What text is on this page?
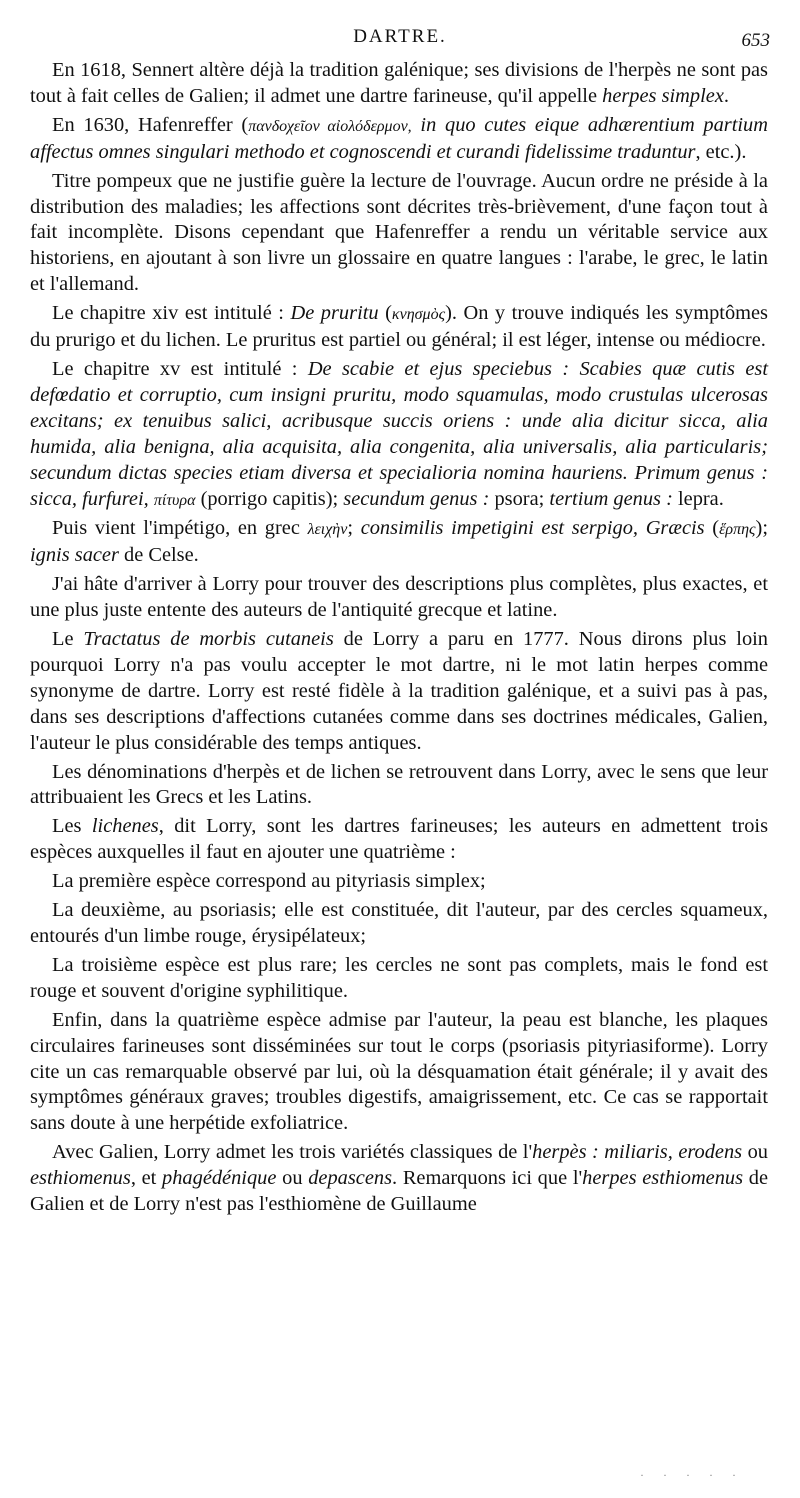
DARTRE.	653

En 1618, Sennert altère déjà la tradition galénique; ses divisions de l'herpès ne sont pas tout à fait celles de Galien; il admet une dartre farineuse, qu'il appelle herpes simplex.

En 1630, Hafenreffer (πανδοχεῖον αἰολόδερμον, in quo cutes eique adhærentium partium affectus omnes singulari methodo et cognoscendi et curandi fidelissime traduntur, etc.).

Titre pompeux que ne justifie guère la lecture de l'ouvrage. Aucun ordre ne préside à la distribution des maladies; les affections sont décrites très-brièvement, d'une façon tout à fait incomplète. Disons cependant que Hafenreffer a rendu un véritable service aux historiens, en ajoutant à son livre un glossaire en quatre langues : l'arabe, le grec, le latin et l'allemand.

Le chapitre xiv est intitulé : De pruritu (κνησμὸς). On y trouve indiqués les symptômes du prurigo et du lichen. Le pruritus est partiel ou général; il est léger, intense ou médiocre.

Le chapitre xv est intitulé : De scabie et ejus speciebus : Scabies quæ cutis est defœdatio et corruptio, cum insigni pruritu, modo squamulas, modo crustulas ulcerosas excitans; ex tenuibus salici, acribusque succis oriens : unde alia dicitur sicca, alia humida, alia benigna, alia acquisita, alia congenita, alia universalis, alia particularis; secundum dictas species etiam diversa et specialioria nomina hauriens. Primum genus : sicca, furfurei, πίτυρα (porrigo capitis); secundum genus : psora; tertium genus : lepra.

Puis vient l'impétigo, en grec λειχὴν; consimilis impetigini est serpigo, Græcis (ἕρπης); ignis sacer de Celse.

J'ai hâte d'arriver à Lorry pour trouver des descriptions plus complètes, plus exactes, et une plus juste entente des auteurs de l'antiquité grecque et latine.

Le Tractatus de morbis cutaneis de Lorry a paru en 1777. Nous dirons plus loin pourquoi Lorry n'a pas voulu accepter le mot dartre, ni le mot latin herpes comme synonyme de dartre. Lorry est resté fidèle à la tradition galénique, et a suivi pas à pas, dans ses descriptions d'affections cutanées comme dans ses doctrines médicales, Galien, l'auteur le plus considérable des temps antiques.

Les dénominations d'herpès et de lichen se retrouvent dans Lorry, avec le sens que leur attribuaient les Grecs et les Latins.

Les lichenes, dit Lorry, sont les dartres farineuses; les auteurs en admettent trois espèces auxquelles il faut en ajouter une quatrième :

La première espèce correspond au pityriasis simplex;

La deuxième, au psoriasis; elle est constituée, dit l'auteur, par des cercles squameux, entourés d'un limbe rouge, érysipélateux;

La troisième espèce est plus rare; les cercles ne sont pas complets, mais le fond est rouge et souvent d'origine syphilitique.

Enfin, dans la quatrième espèce admise par l'auteur, la peau est blanche, les plaques circulaires farineuses sont disséminées sur tout le corps (psoriasis pityriasiforme). Lorry cite un cas remarquable observé par lui, où la désquamation était générale; il y avait des symptômes généraux graves; troubles digestifs, amaigrissement, etc. Ce cas se rapportait sans doute à une herpétide exfoliatrice.

Avec Galien, Lorry admet les trois variétés classiques de l'herpès : miliaris, erodens ou esthiomenus, et phagédénique ou depascens. Remarquons ici que l'herpes esthiomenus de Galien et de Lorry n'est pas l'esthiomène de Guillaume

· · · · ·
